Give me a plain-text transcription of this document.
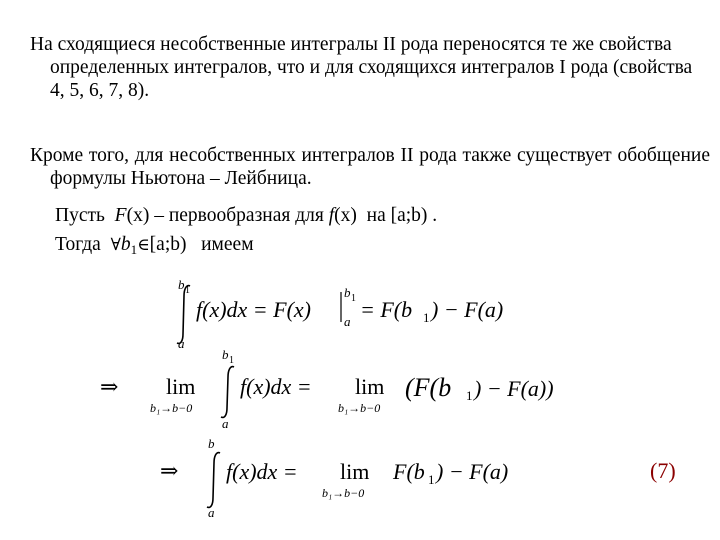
На сходящиеся несобственные интегралы II рода переносятся те же свойства определенных интегралов, что и для сходящихся интегралов I рода (свойства 4, 5, 6, 7, 8).
Кроме того, для несобственных интегралов II рода также существует обобщение формулы Ньютона – Лейбница.
Пусть F(x) – первообразная для f(x) на [a;b) .
Тогда $\forall b_1\in[a;b)$ имеем
b 1
a
f(x)dx = F(x)
b 1
a = F(b 1 ) − F(a)
⇒ lim
b₁→b−0
b 1
a
f(x)dx = lim
b₁→b−0
(F(b 1 ) − F(a))
⇒
b
a
f(x)dx = lim
b₁→b−0
F(b 1 ) − F(a)	(7)
